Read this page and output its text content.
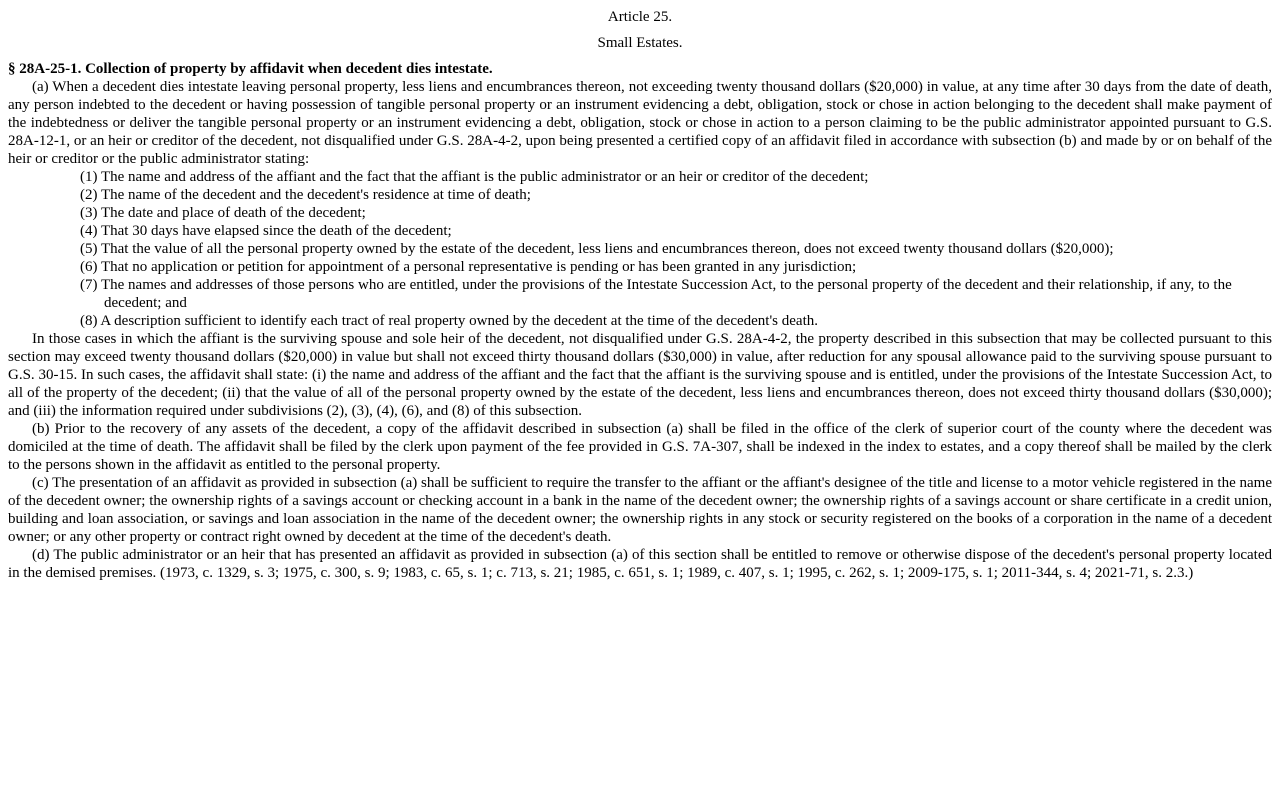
Article 25.

Small Estates.

§ 28A-25-1. Collection of property by affidavit when decedent dies intestate.

(a) When a decedent dies intestate leaving personal property, less liens and encumbrances thereon, not exceeding twenty thousand dollars ($20,000) in value, at any time after 30 days from the date of death, any person indebted to the decedent or having possession of tangible personal property or an instrument evidencing a debt, obligation, stock or chose in action belonging to the decedent shall make payment of the indebtedness or deliver the tangible personal property or an instrument evidencing a debt, obligation, stock or chose in action to a person claiming to be the public administrator appointed pursuant to G.S. 28A-12-1, or an heir or creditor of the decedent, not disqualified under G.S. 28A-4-2, upon being presented a certified copy of an affidavit filed in accordance with subsection (b) and made by or on behalf of the heir or creditor or the public administrator stating:

(1) The name and address of the affiant and the fact that the affiant is the public administrator or an heir or creditor of the decedent;

(2) The name of the decedent and the decedent's residence at time of death;

(3) The date and place of death of the decedent;

(4) That 30 days have elapsed since the death of the decedent;

(5) That the value of all the personal property owned by the estate of the decedent, less liens and encumbrances thereon, does not exceed twenty thousand dollars ($20,000);

(6) That no application or petition for appointment of a personal representative is pending or has been granted in any jurisdiction;

(7) The names and addresses of those persons who are entitled, under the provisions of the Intestate Succession Act, to the personal property of the decedent and their relationship, if any, to the decedent; and

(8) A description sufficient to identify each tract of real property owned by the decedent at the time of the decedent's death.

In those cases in which the affiant is the surviving spouse and sole heir of the decedent, not disqualified under G.S. 28A-4-2, the property described in this subsection that may be collected pursuant to this section may exceed twenty thousand dollars ($20,000) in value but shall not exceed thirty thousand dollars ($30,000) in value, after reduction for any spousal allowance paid to the surviving spouse pursuant to G.S. 30-15. In such cases, the affidavit shall state: (i) the name and address of the affiant and the fact that the affiant is the surviving spouse and is entitled, under the provisions of the Intestate Succession Act, to all of the property of the decedent; (ii) that the value of all of the personal property owned by the estate of the decedent, less liens and encumbrances thereon, does not exceed thirty thousand dollars ($30,000); and (iii) the information required under subdivisions (2), (3), (4), (6), and (8) of this subsection.

(b) Prior to the recovery of any assets of the decedent, a copy of the affidavit described in subsection (a) shall be filed in the office of the clerk of superior court of the county where the decedent was domiciled at the time of death. The affidavit shall be filed by the clerk upon payment of the fee provided in G.S. 7A-307, shall be indexed in the index to estates, and a copy thereof shall be mailed by the clerk to the persons shown in the affidavit as entitled to the personal property.

(c) The presentation of an affidavit as provided in subsection (a) shall be sufficient to require the transfer to the affiant or the affiant's designee of the title and license to a motor vehicle registered in the name of the decedent owner; the ownership rights of a savings account or checking account in a bank in the name of the decedent owner; the ownership rights of a savings account or share certificate in a credit union, building and loan association, or savings and loan association in the name of the decedent owner; the ownership rights in any stock or security registered on the books of a corporation in the name of a decedent owner; or any other property or contract right owned by decedent at the time of the decedent's death.

(d) The public administrator or an heir that has presented an affidavit as provided in subsection (a) of this section shall be entitled to remove or otherwise dispose of the decedent's personal property located in the demised premises. (1973, c. 1329, s. 3; 1975, c. 300, s. 9; 1983, c. 65, s. 1; c. 713, s. 21; 1985, c. 651, s. 1; 1989, c. 407, s. 1; 1995, c. 262, s. 1; 2009-175, s. 1; 2011-344, s. 4; 2021-71, s. 2.3.)
